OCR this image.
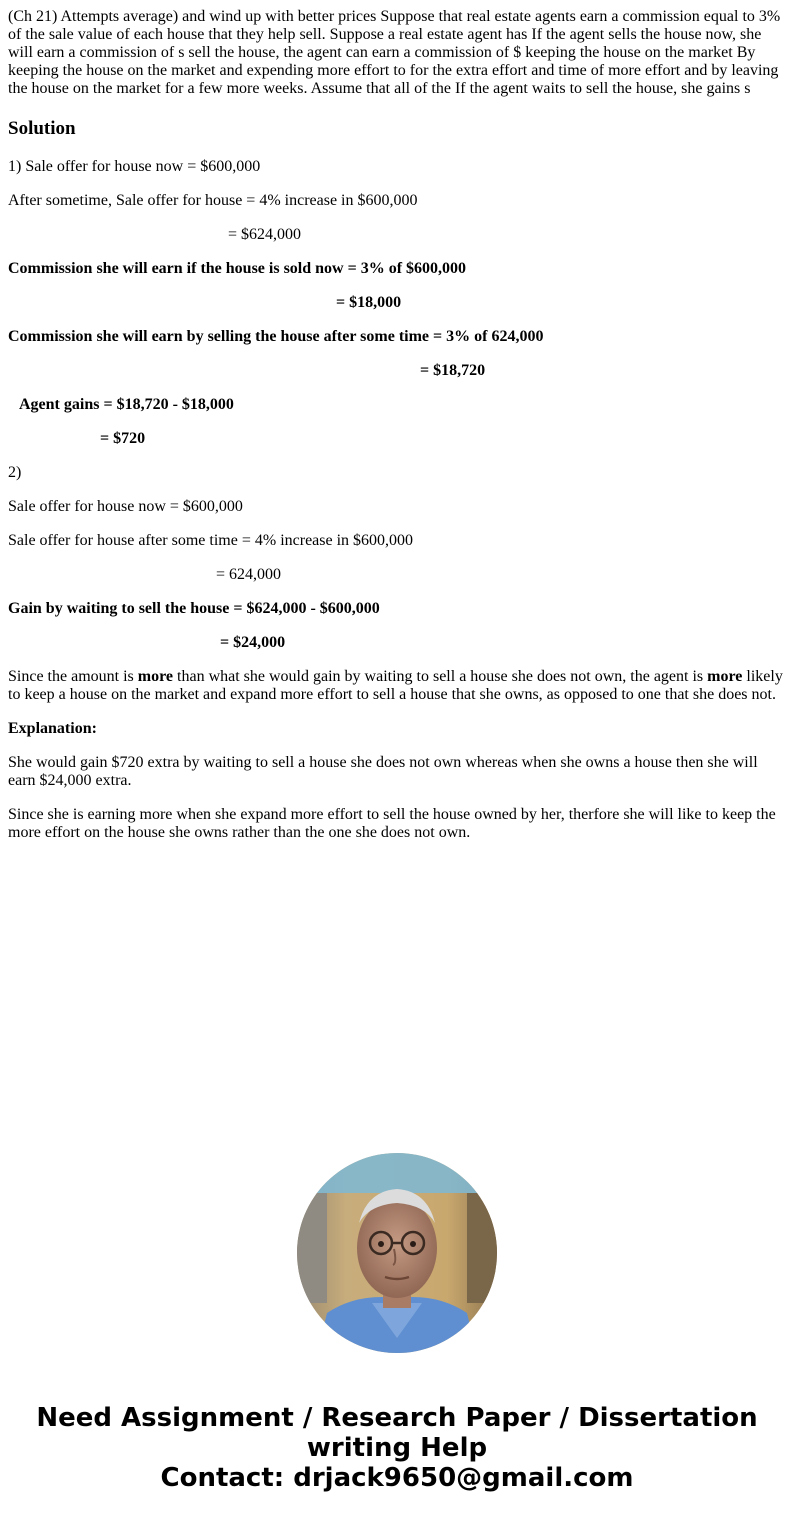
(Ch 21) Attempts average) and wind up with better prices Suppose that real estate agents earn a commission equal to 3% of the sale value of each house that they help sell. Suppose a real estate agent has If the agent sells the house now, she will earn a commission of s sell the house, the agent can earn a commission of $ keeping the house on the market By keeping the house on the market and expending more effort to for the extra effort and time of more effort and by leaving the house on the market for a few more weeks. Assume that all of the If the agent waits to sell the house, she gains s

Solution

1) Sale offer for house now = $600,000

After sometime, Sale offer for house = 4% increase in $600,000

= $624,000

Commission she will earn if the house is sold now = 3% of $600,000

= $18,000

Commission she will earn by selling the house after some time = 3% of 624,000

= $18,720

Agent gains = $18,720 - $18,000

= $720

2)

Sale offer for house now = $600,000

Sale offer for house after some time = 4% increase in $600,000

= 624,000

Gain by waiting to sell the house = $624,000 - $600,000

= $24,000

Since the amount is more than what she would gain by waiting to sell a house she does not own, the agent is more likely to keep a house on the market and expand more effort to sell a house that she owns, as opposed to one that she does not.

Explanation:

She would gain $720 extra by waiting to sell a house she does not own whereas when she owns a house then she will earn $24,000 extra.

Since she is earning more when she expand more effort to sell the house owned by her, therfore she will like to keep the more effort on the house she owns rather than the one she does not own.

Need Assignment / Research Paper / Dissertation
writing Help
Contact: drjack9650@gmail.com
